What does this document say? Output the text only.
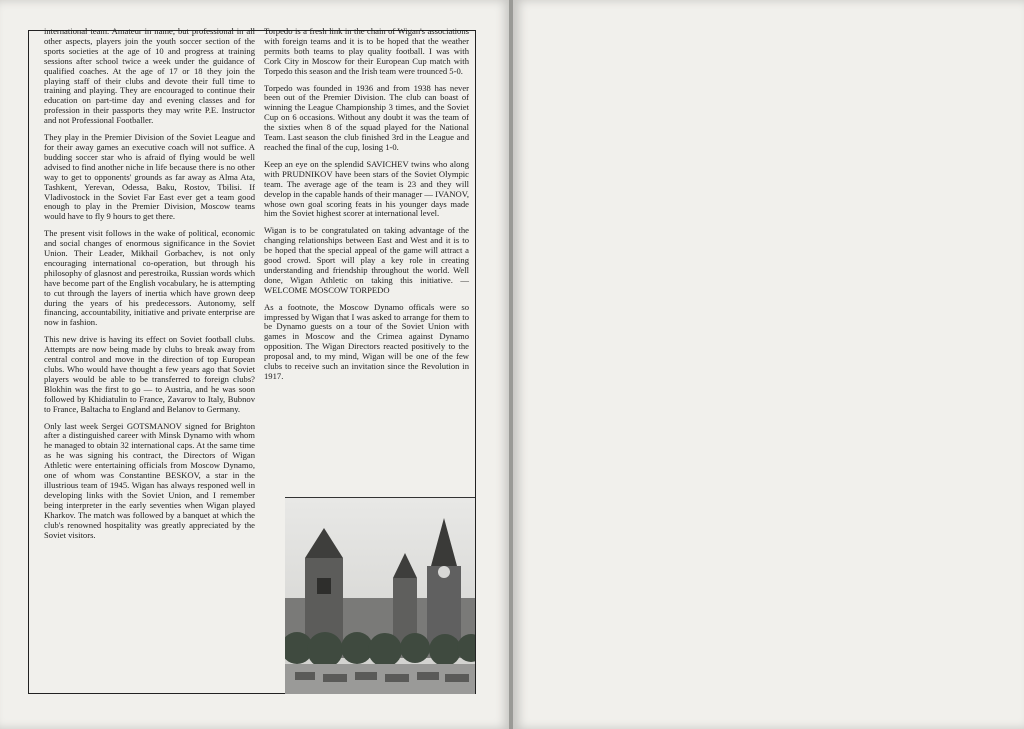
international team. Amateur in name, but professional in all other aspects, players join the youth soccer section of the sports societies at the age of 10 and progress at training sessions after school twice a week under the guidance of qualified coaches. At the age of 17 or 18 they join the playing staff of their clubs and devote their full time to training and playing. They are encouraged to continue their education on part-time day and evening classes and for profession in their passports they may write P.E. Instructor and not Professional Footballer.

They play in the Premier Division of the Soviet League and for their away games an executive coach will not suffice. A budding soccer star who is afraid of flying would be well advised to find another niche in life because there is no other way to get to opponents' grounds as far away as Alma Ata, Tashkent, Yerevan, Odessa, Baku, Rostov, Tbilisi. If Vladivostock in the Soviet Far East ever get a team good enough to play in the Premier Division, Moscow teams would have to fly 9 hours to get there.

The present visit follows in the wake of political, economic and social changes of enormous significance in the Soviet Union. Their Leader, Mikhail Gorbachev, is not only encouraging international co-operation, but through his philosophy of glasnost and perestroika, Russian words which have become part of the English vocabulary, he is attempting to cut through the layers of inertia which have grown deep during the years of his predecessors. Autonomy, self financing, accountability, initiative and private enterprise are now in fashion.

This new drive is having its effect on Soviet football clubs. Attempts are now being made by clubs to break away from central control and move in the direction of top European clubs. Who would have thought a few years ago that Soviet players would be able to be transferred to foreign clubs? Blokhin was the first to go — to Austria, and he was soon followed by Khidiatulin to France, Zavarov to Italy, Bubnov to France, Baltacha to England and Belanov to Germany.

Only last week Sergei GOTSMANOV signed for Brighton after a distinguished career with Minsk Dynamo with whom he managed to obtain 32 international caps. At the same time as he was signing his contract, the Directors of Wigan Athletic were entertaining officials from Moscow Dynamo, one of whom was Constantine BESKOV, a star in the illustrious team of 1945. Wigan has always responed well in developing links with the Soviet Union, and I remember being interpreter in the early seventies when Wigan played Kharkov. The match was followed by a banquet at which the club's renowned hospitality was greatly appreciated by the Soviet visitors.

Torpedo is a fresh link in the chain of Wigan's associations with foreign teams and it is to be hoped that the weather permits both teams to play quality football. I was with Cork City in Moscow for their European Cup match with Torpedo this season and the Irish team were trounced 5-0.

Torpedo was founded in 1936 and from 1938 has never been out of the Premier Division. The club can boast of winning the League Championship 3 times, and the Soviet Cup on 6 occasions. Without any doubt it was the team of the sixties when 8 of the squad played for the National Team. Last season the club finished 3rd in the League and reached the final of the cup, losing 1-0.

Keep an eye on the splendid SAVICHEV twins who along with PRUDNIKOV have been stars of the Soviet Olympic team. The average age of the team is 23 and they will develop in the capable hands of their manager — IVANOV, whose own goal scoring feats in his younger days made him the Soviet highest scorer at international level.

Wigan is to be congratulated on taking advantage of the changing relationships between East and West and it is to be hoped that the special appeal of the game will attract a good crowd. Sport will play a key role in creating understanding and friendship throughout the world. Well done, Wigan Athletic on taking this initiative. — WELCOME MOSCOW TORPEDO

As a footnote, the Moscow Dynamo officals were so impressed by Wigan that I was asked to arrange for them to be Dynamo guests on a tour of the Soviet Union with games in Moscow and the Crimea against Dynamo opposition. The Wigan Directors reacted positively to the proposal and, to my mind, Wigan will be one of the few clubs to receive such an invitation since the Revolution in 1917.
